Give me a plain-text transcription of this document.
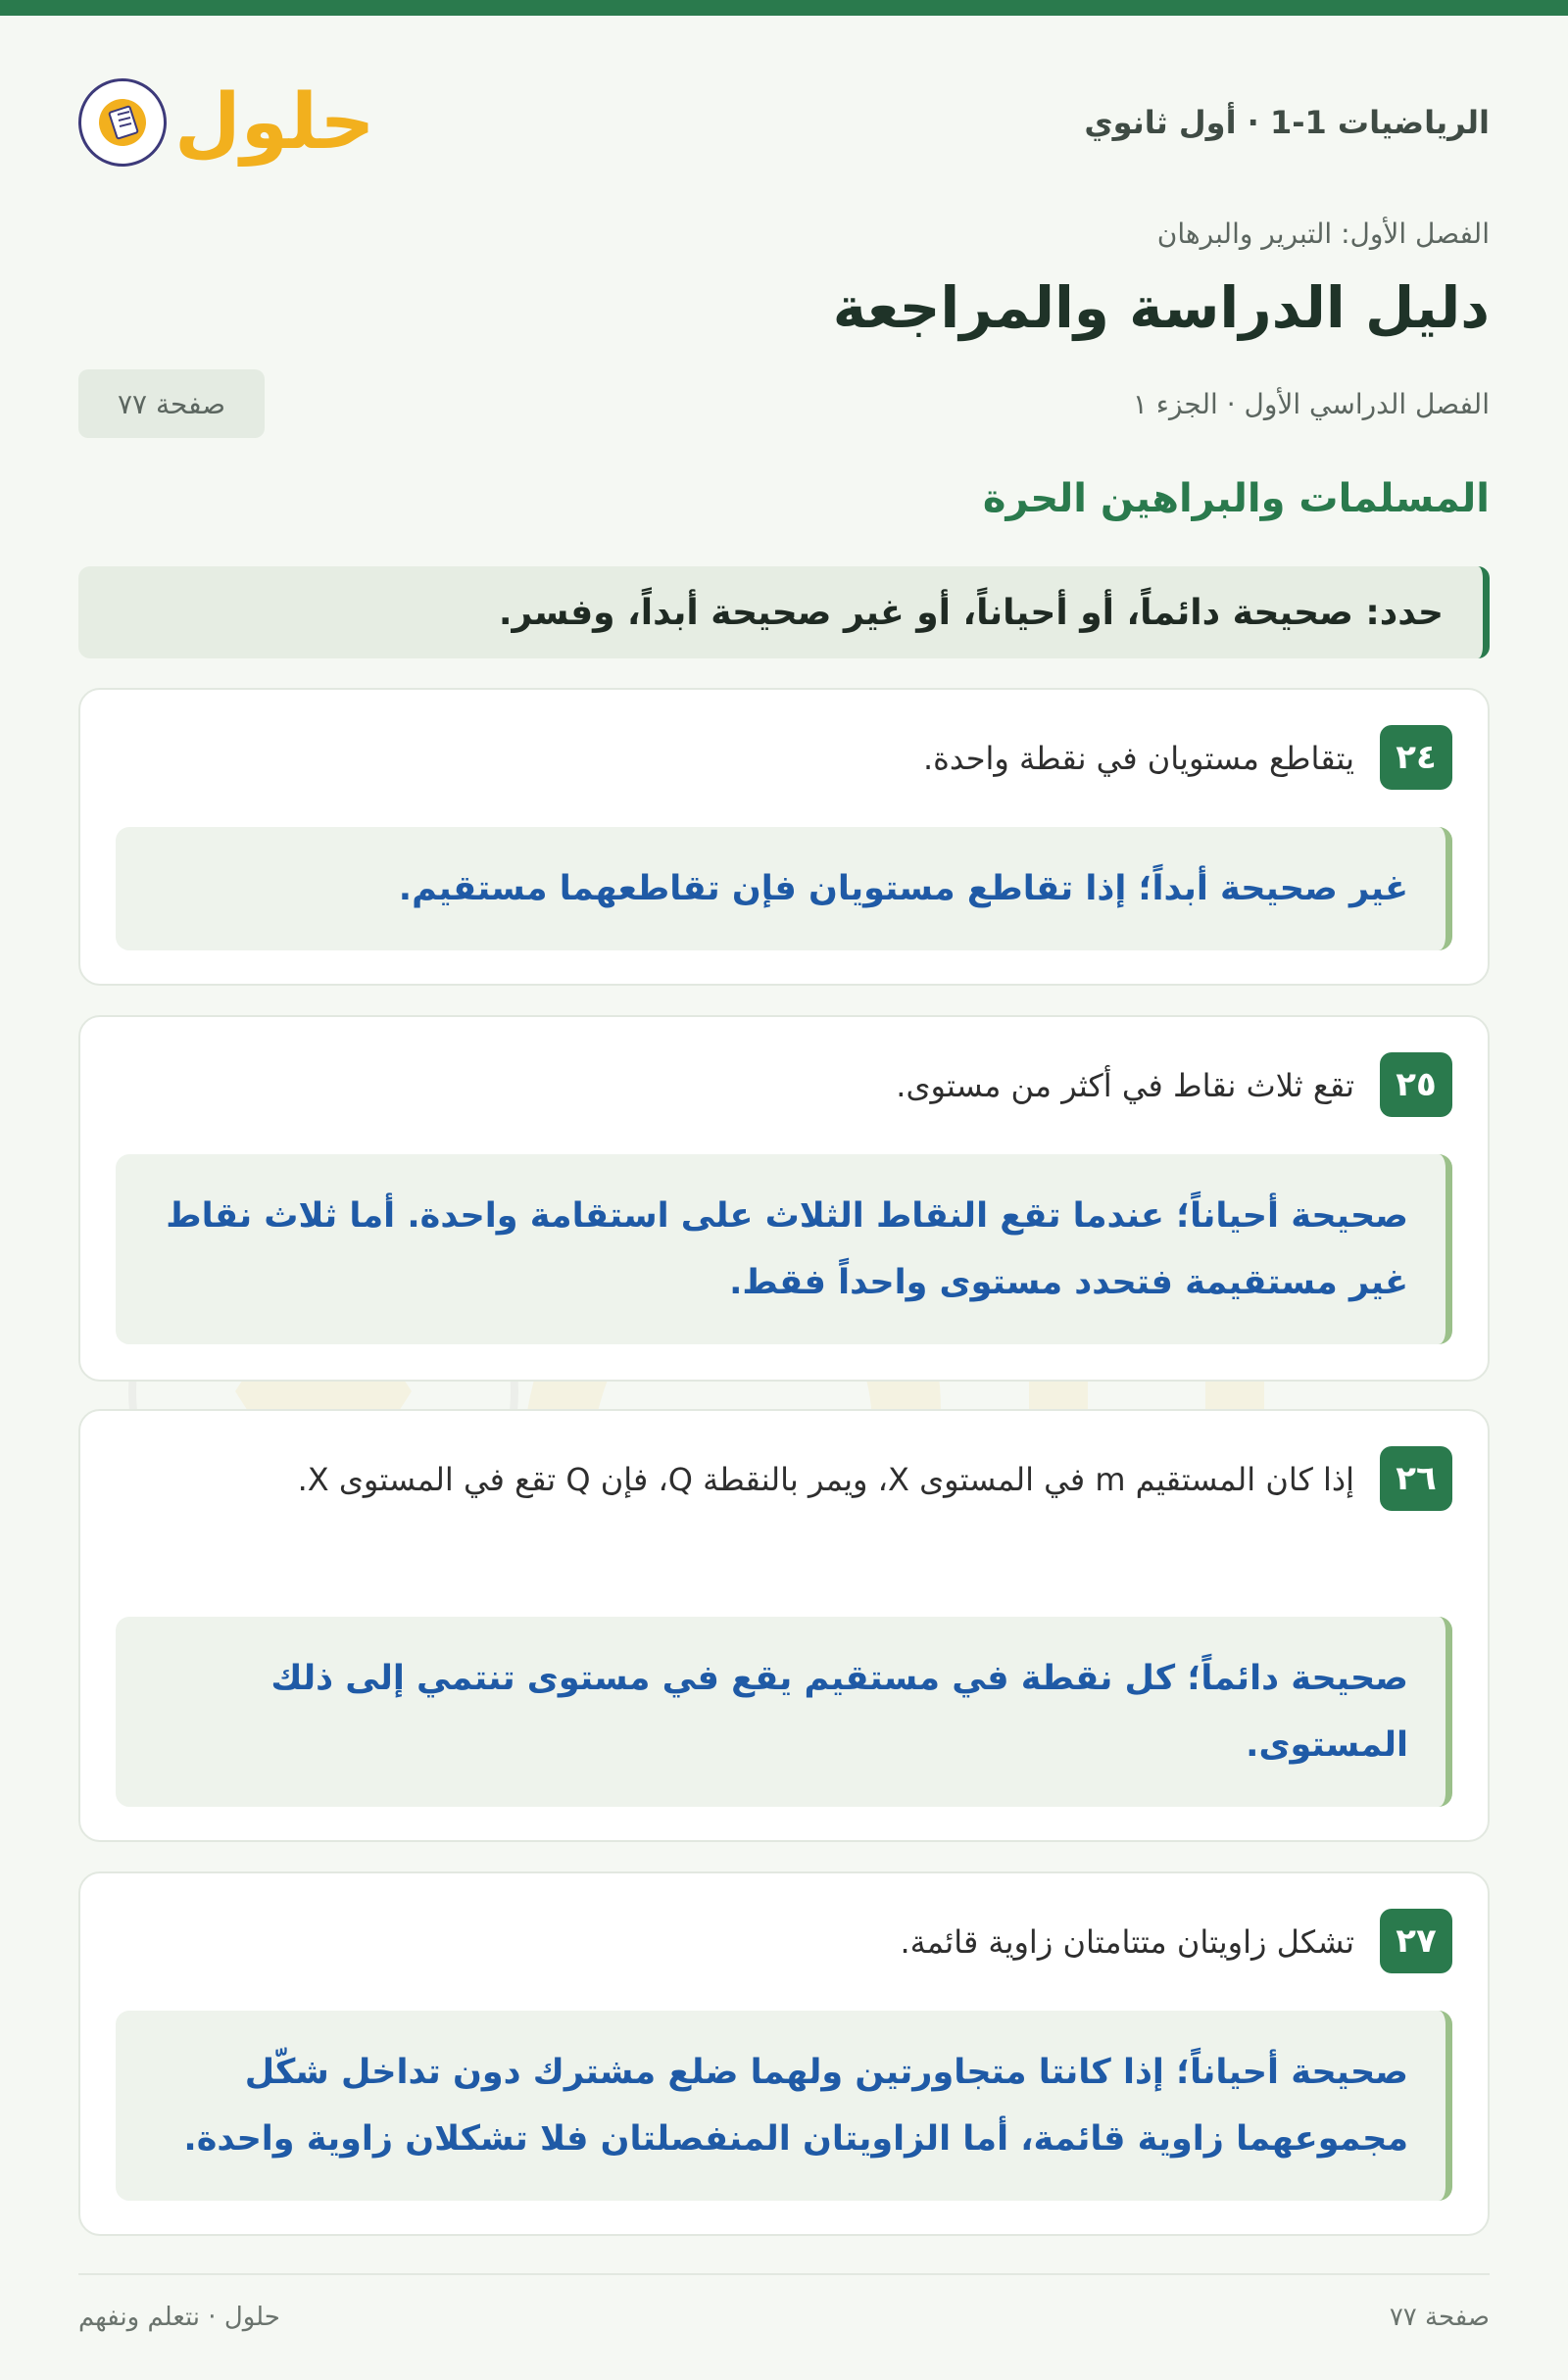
الرياضيات 1-1 · أول ثانوي
حلول
الفصل الأول: التبرير والبرهان
دليل الدراسة والمراجعة
الفصل الدراسي الأول · الجزء ١
صفحة ٧٧
المسلمات والبراهين الحرة
حدد: صحيحة دائماً، أو أحياناً، أو غير صحيحة أبداً، وفسر.
٢٤
يتقاطع مستويان في نقطة واحدة.
غير صحيحة أبداً؛ إذا تقاطع مستويان فإن تقاطعهما مستقيم.
٢٥
تقع ثلاث نقاط في أكثر من مستوى.
صحيحة أحياناً؛ عندما تقع النقاط الثلاث على استقامة واحدة. أما ثلاث نقاط غير مستقيمة فتحدد مستوى واحداً فقط.
٢٦
إذا كان المستقيم m في المستوى X، ويمر بالنقطة Q، فإن Q تقع في المستوى X.
صحيحة دائماً؛ كل نقطة في مستقيم يقع في مستوى تنتمي إلى ذلك المستوى.
٢٧
تشكل زاويتان متتامتان زاوية قائمة.
صحيحة أحياناً؛ إذا كانتا متجاورتين ولهما ضلع مشترك دون تداخل شكّل مجموعهما زاوية قائمة، أما الزاويتان المنفصلتان فلا تشكلان زاوية واحدة.
صفحة ٧٧
حلول · نتعلم ونفهم
